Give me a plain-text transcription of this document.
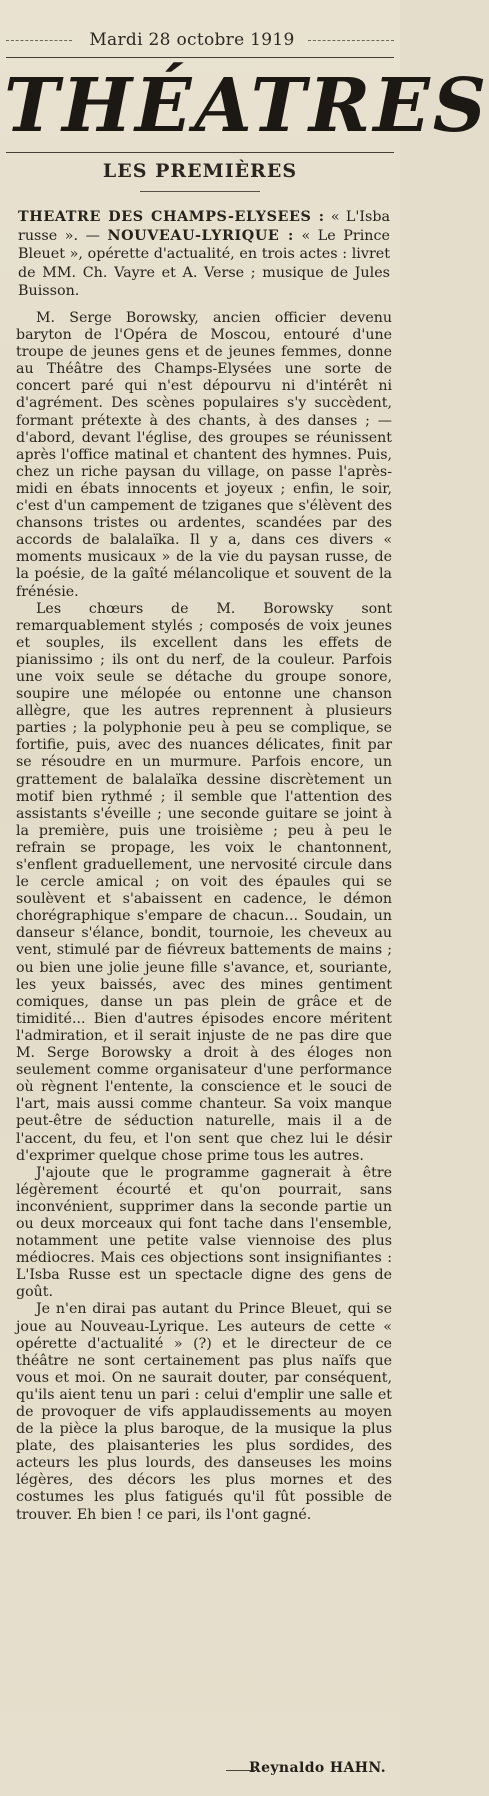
Mardi 28 octobre 1919
THÉATRES
LES PREMIÈRES
THEATRE DES CHAMPS-ELYSEES : « L'Isba russe ». — NOUVEAU-LYRIQUE : « Le Prince Bleuet », opérette d'actualité, en trois actes : livret de MM. Ch. Vayre et A. Verse ; musique de Jules Buisson.

M. Serge Borowsky, ancien officier devenu baryton de l'Opéra de Moscou, entouré d'une troupe de jeunes gens et de jeunes femmes, donne au Théâtre des Champs-Elysées une sorte de concert paré qui n'est dépourvu ni d'intérêt ni d'agrément. Des scènes populaires s'y succèdent, formant prétexte à des chants, à des danses ; — d'abord, devant l'église, des groupes se réunissent après l'office matinal et chantent des hymnes. Puis, chez un riche paysan du village, on passe l'après-midi en ébats innocents et joyeux ; enfin, le soir, c'est d'un campement de tziganes que s'élèvent des chansons tristes ou ardentes, scandées par des accords de balalaïka. Il y a, dans ces divers « moments musicaux » de la vie du paysan russe, de la poésie, de la gaîté mélancolique et souvent de la frénésie.

Les chœurs de M. Borowsky sont remarquablement stylés ; composés de voix jeunes et souples, ils excellent dans les effets de pianissimo ; ils ont du nerf, de la couleur. Parfois une voix seule se détache du groupe sonore, soupire une mélopée ou entonne une chanson allègre, que les autres reprennent à plusieurs parties ; la polyphonie peu à peu se complique, se fortifie, puis, avec des nuances délicates, finit par se résoudre en un murmure. Parfois encore, un grattement de balalaïka dessine discrètement un motif bien rythmé ; il semble que l'attention des assistants s'éveille ; une seconde guitare se joint à la première, puis une troisième ; peu à peu le refrain se propage, les voix le chantonnent, s'enflent graduellement, une nervosité circule dans le cercle amical ; on voit des épaules qui se soulèvent et s'abaissent en cadence, le démon chorégraphique s'empare de chacun... Soudain, un danseur s'élance, bondit, tournoie, les cheveux au vent, stimulé par de fiévreux battements de mains ; ou bien une jolie jeune fille s'avance, et, souriante, les yeux baissés, avec des mines gentiment comiques, danse un pas plein de grâce et de timidité... Bien d'autres épisodes encore méritent l'admiration, et il serait injuste de ne pas dire que M. Serge Borowsky a droit à des éloges non seulement comme organisateur d'une performance où règnent l'entente, la conscience et le souci de l'art, mais aussi comme chanteur. Sa voix manque peut-être de séduction naturelle, mais il a de l'accent, du feu, et l'on sent que chez lui le désir d'exprimer quelque chose prime tous les autres.

J'ajoute que le programme gagnerait à être légèrement écourté et qu'on pourrait, sans inconvénient, supprimer dans la seconde partie un ou deux morceaux qui font tache dans l'ensemble, notamment une petite valse viennoise des plus médiocres. Mais ces objections sont insignifiantes : L'Isba Russe est un spectacle digne des gens de goût.

Je n'en dirai pas autant du Prince Bleuet, qui se joue au Nouveau-Lyrique. Les auteurs de cette « opérette d'actualité » (?) et le directeur de ce théâtre ne sont certainement pas plus naïfs que vous et moi. On ne saurait douter, par conséquent, qu'ils aient tenu un pari : celui d'emplir une salle et de provoquer de vifs applaudissements au moyen de la pièce la plus baroque, de la musique la plus plate, des plaisanteries les plus sordides, des acteurs les plus lourds, des danseuses les moins légères, des décors les plus mornes et des costumes les plus fatigués qu'il fût possible de trouver. Eh bien ! ce pari, ils l'ont gagné.

Reynaldo HAHN.
